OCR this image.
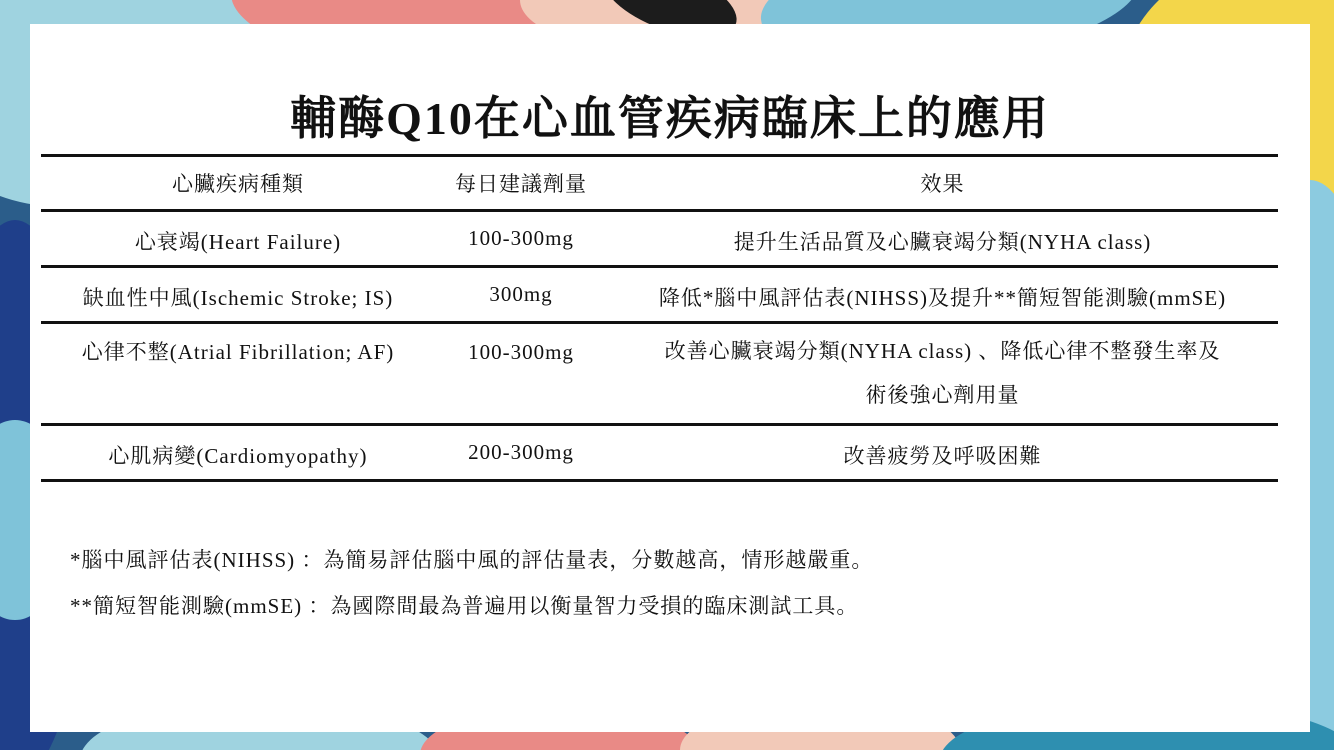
輔酶Q10在心血管疾病臨床上的應用
心臟疾病種類	每日建議劑量	效果
心衰竭(Heart Failure)	100-300mg	提升生活品質及心臟衰竭分類(NYHA class)
缺血性中風(Ischemic Stroke; IS)	300mg	降低*腦中風評估表(NIHSS)及提升**簡短智能測驗(mmSE)
心律不整(Atrial Fibrillation; AF)	100-300mg	改善心臟衰竭分類(NYHA class) 、降低心律不整發生率及
術後強心劑用量

心肌病變(Cardiomyopathy)	200-300mg	改善疲勞及呼吸困難

*腦中風評估表(NIHSS) ：為簡易評估腦中風的評估量表，分數越高，情形越嚴重。

**簡短智能測驗(mmSE) ：為國際間最為普遍用以衡量智力受損的臨床測試工具。
